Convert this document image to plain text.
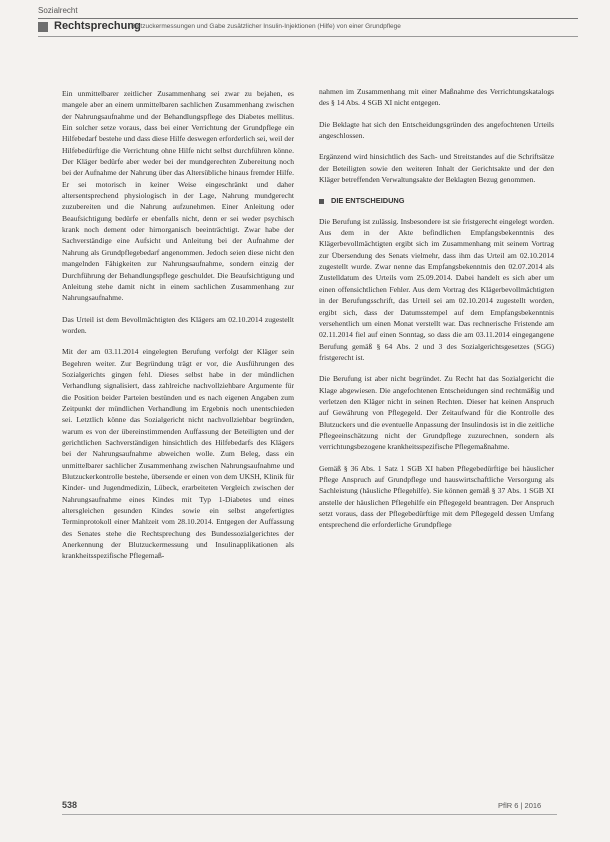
Sozialrecht
Rechtsprechung
Blutzuckermessungen und Gabe zusätzlicher Insulin-Injektionen (Hilfe) von einer Grundpflege

Ein unmittelbarer zeitlicher Zusammenhang sei zwar zu bejahen, es mangele aber an einem unmittelbaren sachlichen Zusammenhang zwischen der Nahrungsaufnahme und der Behandlungspflege des Diabetes mellitus. Ein solcher setze voraus, dass bei einer Verrichtung der Grundpflege ein Hilfebedarf bestehe und dass diese Hilfe deswegen erforderlich sei, weil der Hilfebedürftige die Verrichtung ohne Hilfe nicht selbst durchführen könne. Der Kläger bedürfe aber weder bei der mundgerechten Zubereitung noch bei der Aufnahme der Nahrung über das Altersübliche hinaus fremder Hilfe. Er sei motorisch in keiner Weise eingeschränkt und daher altersentsprechend physiologisch in der Lage, Nahrung mundgerecht zuzubereiten und die Nahrung aufzunehmen. Einer Anleitung oder Beaufsichtigung bedürfe er ebenfalls nicht, denn er sei weder psychisch krank noch dement oder hirnorganisch beeinträchtigt. Zwar habe der Sachverständige eine Aufsicht und Anleitung bei der Aufnahme der Nahrung als Grundpflegebedarf angenommen. Jedoch seien diese nicht den mangelnden Fähigkeiten zur Nahrungsaufnahme, sondern einzig der Durchführung der Behandlungspflege geschuldet. Die Beaufsichtigung und Anleitung stehe damit nicht in einem sachlichen Zusammenhang zur Nahrungsaufnahme.

Das Urteil ist dem Bevollmächtigten des Klägers am 02.10.2014 zugestellt worden.

Mit der am 03.11.2014 eingelegten Berufung verfolgt der Kläger sein Begehren weiter. Zur Begründung trägt er vor, die Ausführungen des Sozialgerichts gingen fehl. Dieses selbst habe in der mündlichen Verhandlung signalisiert, dass zahlreiche nachvollziehbare Argumente für die Position beider Parteien bestünden und es nach eigenen Angaben zum Zeitpunkt der mündlichen Verhandlung im Ergebnis noch unentschieden sei. Letztlich könne das Sozialgericht nicht nachvollziehbar begründen, warum es von der übereinstimmenden Auffassung der Beteiligten und der gerichtlichen Sachverständigen hinsichtlich des Hilfebedarfs des Klägers bei der Nahrungsaufnahme abweichen wolle. Zum Beleg, dass ein unmittelbarer sachlicher Zusammenhang zwischen Nahrungsaufnahme und Blutzuckerkontrolle bestehe, übersende er einen von dem UKSH, Klinik für Kinder- und Jugendmedizin, Lübeck, erarbeiteten Vergleich zwischen der Nahrungsaufnahme eines Kindes mit Typ 1-Diabetes und eines altersgleichen gesunden Kindes sowie ein selbst angefertigtes Terminprotokoll einer Mahlzeit vom 28.10.2014. Entgegen der Auffassung des Senates stehe die Rechtsprechung des Bundessozialgerichtes der Anerkennung der Blutzuckermessung und Insulinapplikationen als krankheitsspezifische Pflegemaß-

nahmen im Zusammenhang mit einer Maßnahme des Verrichtungskatalogs des § 14 Abs. 4 SGB XI nicht entgegen.

Die Beklagte hat sich den Entscheidungsgründen des angefochtenen Urteils angeschlossen.

Ergänzend wird hinsichtlich des Sach- und Streitstandes auf die Schriftsätze der Beteiligten sowie den weiteren Inhalt der Gerichtsakte und der den Kläger betreffenden Verwaltungsakte der Beklagten Bezug genommen.

DIE ENTSCHEIDUNG

Die Berufung ist zulässig. Insbesondere ist sie fristgerecht eingelegt worden. Aus dem in der Akte befindlichen Empfangsbekenntnis des Klägerbevollmächtigten ergibt sich im Zusammenhang mit seinem Vortrag zur Übersendung des Senats vielmehr, dass ihm das Urteil am 02.10.2014 zugestellt wurde. Zwar nenne das Empfangsbekenntnis den 02.07.2014 als Zustelldatum des Urteils vom 25.09.2014. Dabei handelt es sich aber um einen offensichtlichen Fehler. Aus dem Vortrag des Klägerbevollmächtigten in der Berufungsschrift, das Urteil sei am 02.10.2014 zugestellt worden, ergibt sich, dass der Datumsstempel auf dem Empfangsbekenntnis versehentlich um einen Monat verstellt war. Das rechnerische Fristende am 02.11.2014 fiel auf einen Sonntag, so dass die am 03.11.2014 eingegangene Berufung gemäß § 64 Abs. 2 und 3 des Sozialgerichtsgesetzes (SGG) fristgerecht ist.

Die Berufung ist aber nicht begründet. Zu Recht hat das Sozialgericht die Klage abgewiesen. Die angefochtenen Entscheidungen sind rechtmäßig und verletzen den Kläger nicht in seinen Rechten. Dieser hat keinen Anspruch auf Gewährung von Pflegegeld. Der Zeitaufwand für die Kontrolle des Blutzuckers und die eventuelle Anpassung der Insulindosis ist in die zeitliche Pflegeeinschätzung nicht der Grundpflege zuzurechnen, sondern als verrichtungsbezogene krankheitsspezifische Pflegemaßnahme.

Gemäß § 36 Abs. 1 Satz 1 SGB XI haben Pflegebedürftige bei häuslicher Pflege Anspruch auf Grundpflege und hauswirtschaftliche Versorgung als Sachleistung (häusliche Pflegehilfe). Sie können gemäß § 37 Abs. 1 SGB XI anstelle der häuslichen Pflegehilfe ein Pflegegeld beantragen. Der Anspruch setzt voraus, dass der Pflegebedürftige mit dem Pflegegeld dessen Umfang entsprechend die erforderliche Grundpflege

538	PflR 6 | 2016
